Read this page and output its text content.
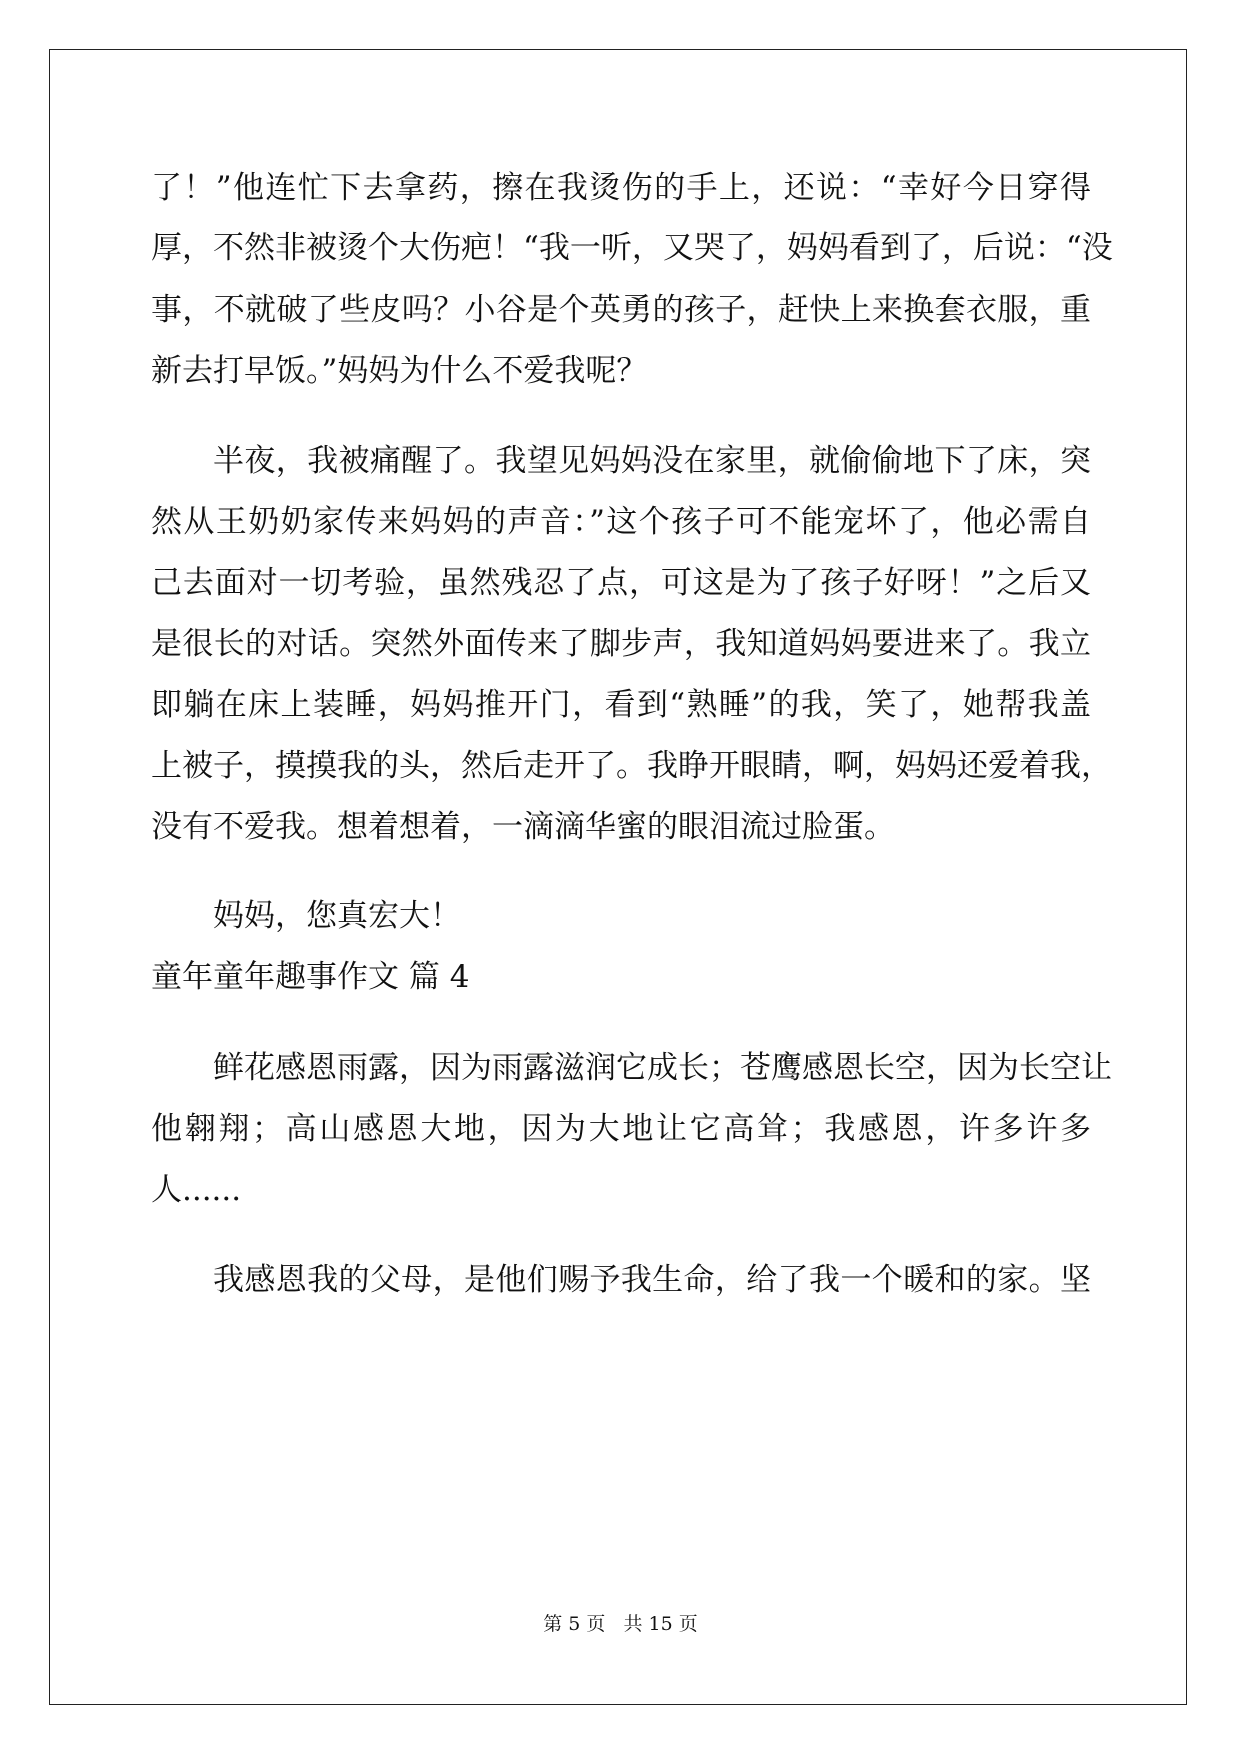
了！”他连忙下去拿药，擦在我烫伤的手上，还说：“幸好今日穿得
厚，不然非被烫个大伤疤！“我一听，又哭了，妈妈看到了，后说：“没
事，不就破了些皮吗？小谷是个英勇的孩子，赶快上来换套衣服，重
新去打早饭。”妈妈为什么不爱我呢？
半夜，我被痛醒了。我望见妈妈没在家里，就偷偷地下了床，突
然从王奶奶家传来妈妈的声音：”这个孩子可不能宠坏了，他必需自
己去面对一切考验，虽然残忍了点，可这是为了孩子好呀！”之后又
是很长的对话。突然外面传来了脚步声，我知道妈妈要进来了。我立
即躺在床上装睡，妈妈推开门，看到“熟睡”的我，笑了，她帮我盖
上被子，摸摸我的头，然后走开了。我睁开眼睛，啊，妈妈还爱着我，
没有不爱我。想着想着，一滴滴华蜜的眼泪流过脸蛋。
妈妈，您真宏大！
童年童年趣事作文 篇 4
鲜花感恩雨露，因为雨露滋润它成长；苍鹰感恩长空，因为长空让
他翱翔；高山感恩大地，因为大地让它高耸；我感恩，许多许多
人......
我感恩我的父母，是他们赐予我生命，给了我一个暖和的家。坚
第 5 页 共 15 页
